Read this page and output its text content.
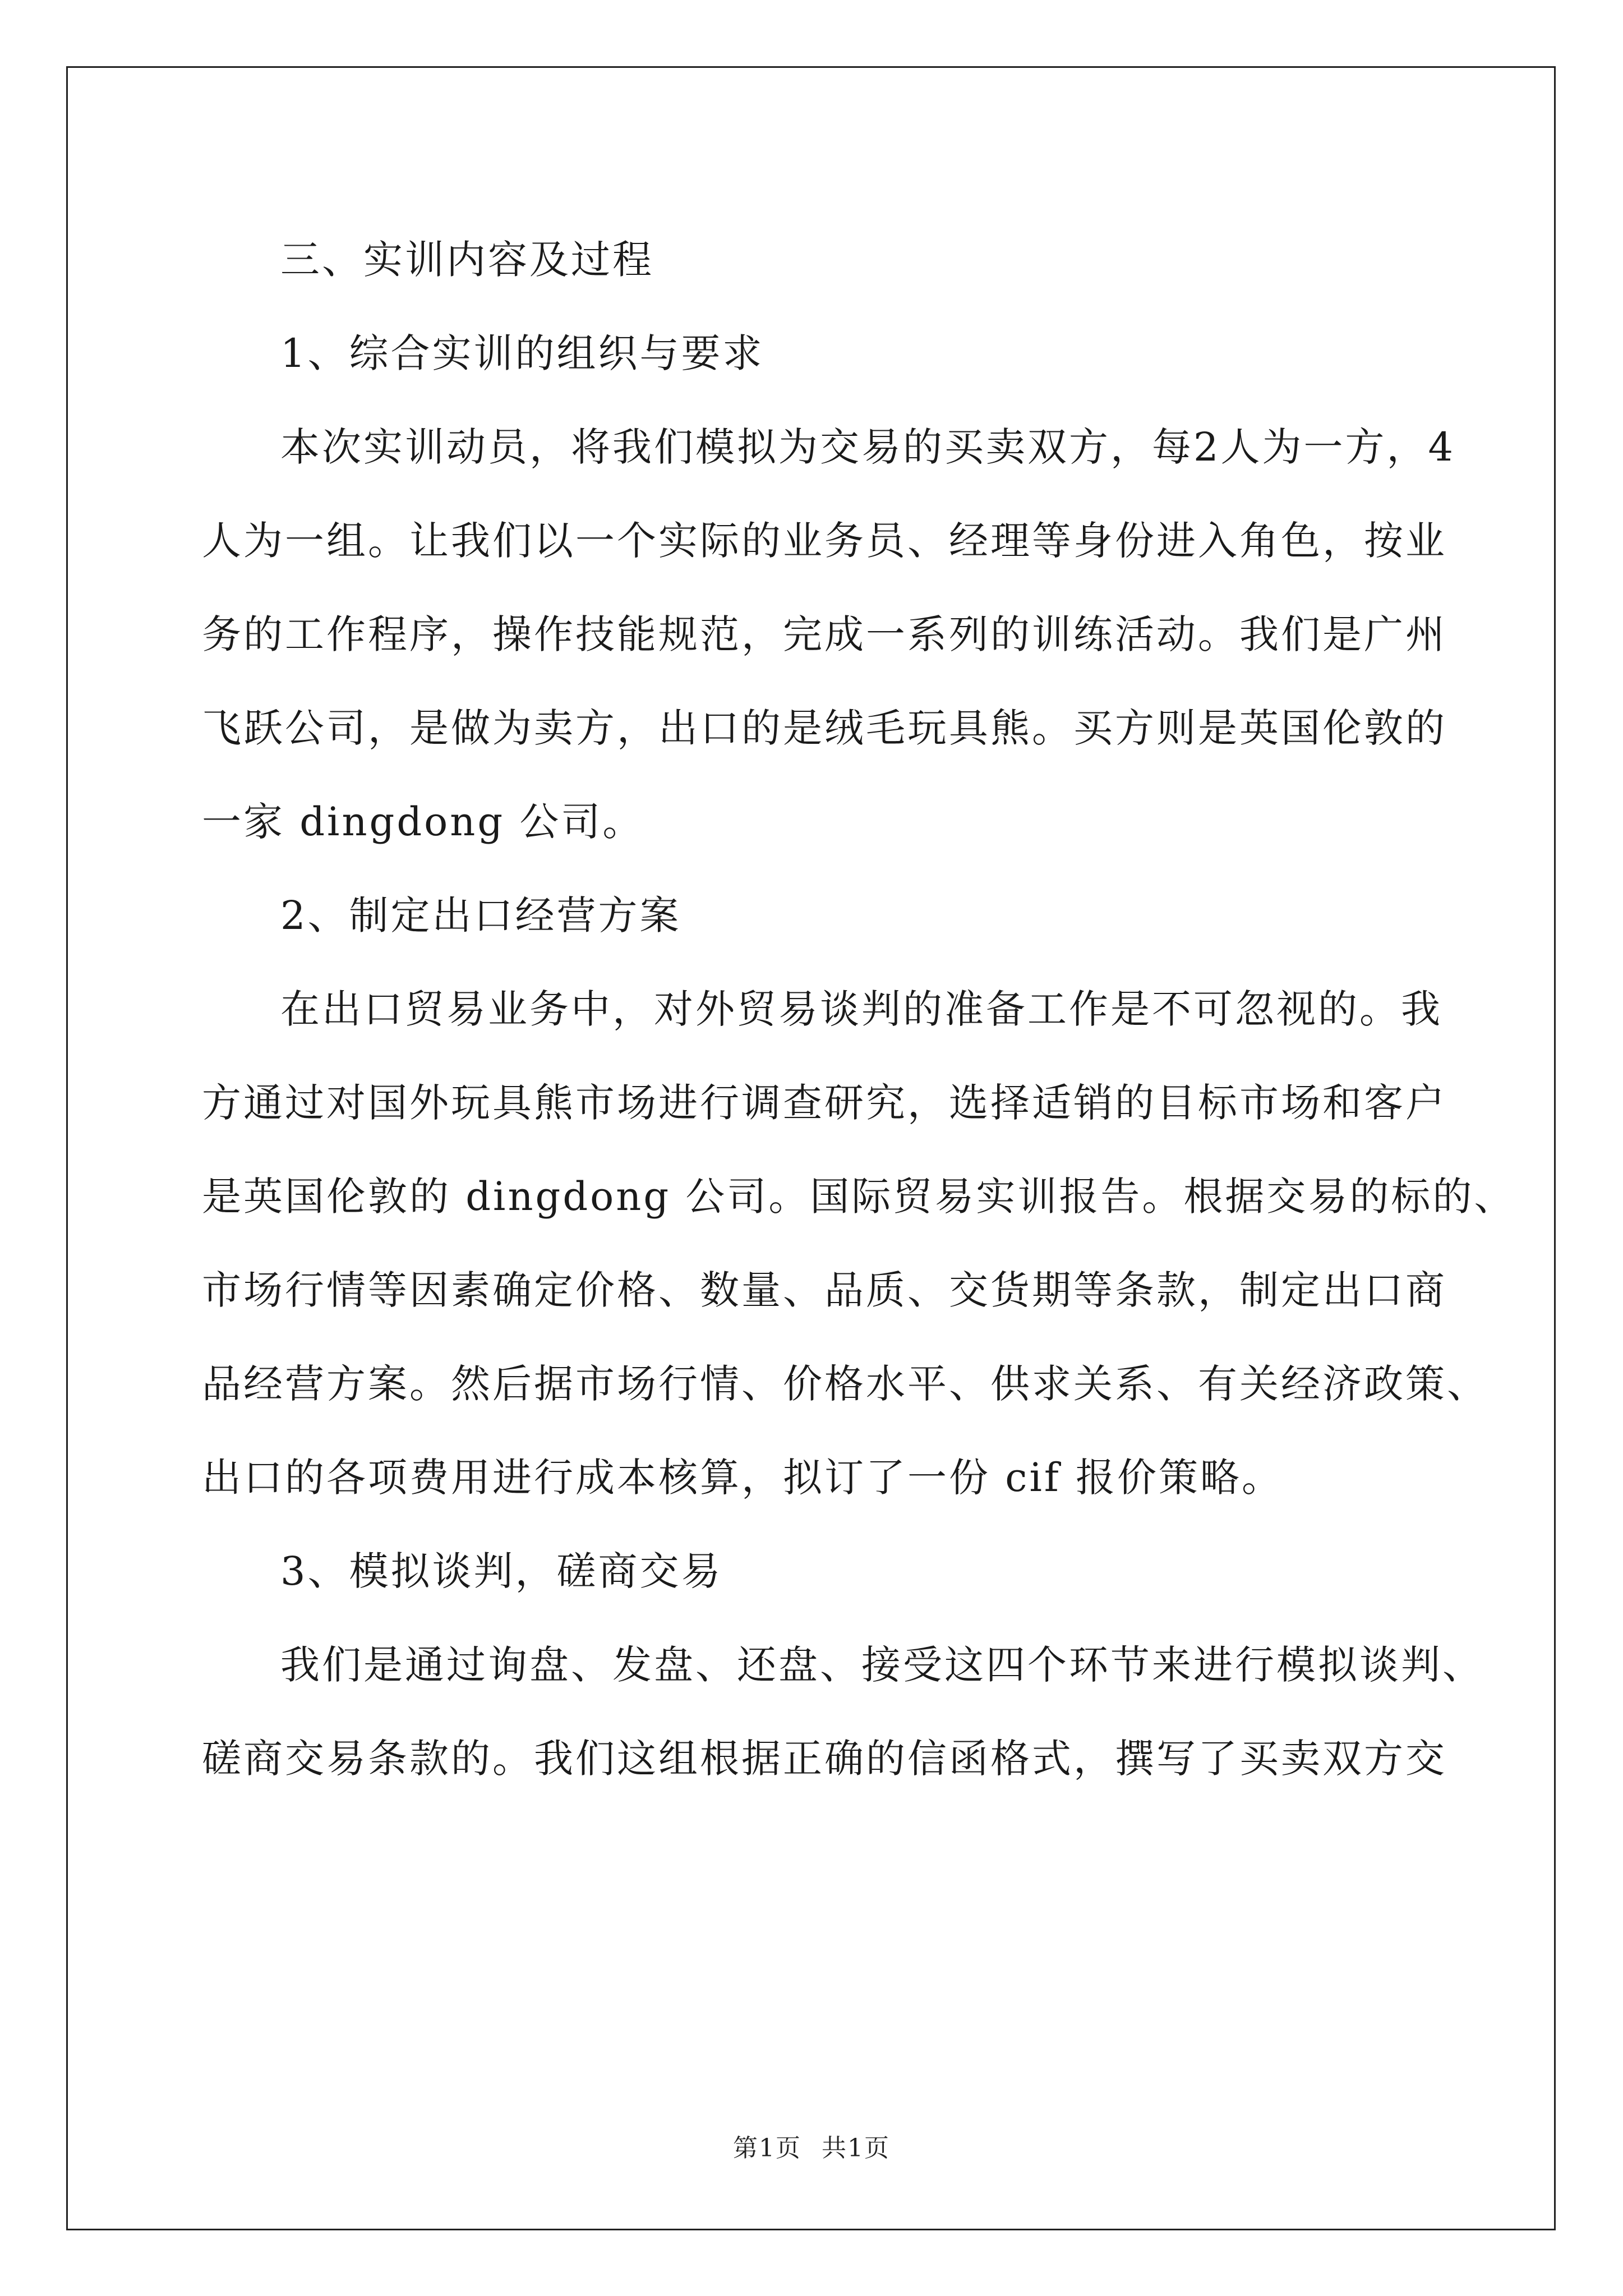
三、实训内容及过程

1、综合实训的组织与要求

本次实训动员，将我们模拟为交易的买卖双方，每2人为一方，4

人为一组。让我们以一个实际的业务员、经理等身份进入角色，按业

务的工作程序，操作技能规范，完成一系列的训练活动。我们是广州

飞跃公司，是做为卖方，出口的是绒毛玩具熊。买方则是英国伦敦的

一家 dingdong 公司。

2、制定出口经营方案

在出口贸易业务中，对外贸易谈判的准备工作是不可忽视的。我

方通过对国外玩具熊市场进行调查研究，选择适销的目标市场和客户

是英国伦敦的 dingdong 公司。国际贸易实训报告。根据交易的标的、

市场行情等因素确定价格、数量、品质、交货期等条款，制定出口商

品经营方案。然后据市场行情、价格水平、供求关系、有关经济政策、

出口的各项费用进行成本核算，拟订了一份 cif 报价策略。

3、模拟谈判，磋商交易

我们是通过询盘、发盘、还盘、接受这四个环节来进行模拟谈判、

磋商交易条款的。我们这组根据正确的信函格式，撰写了买卖双方交

第1页 共1页
